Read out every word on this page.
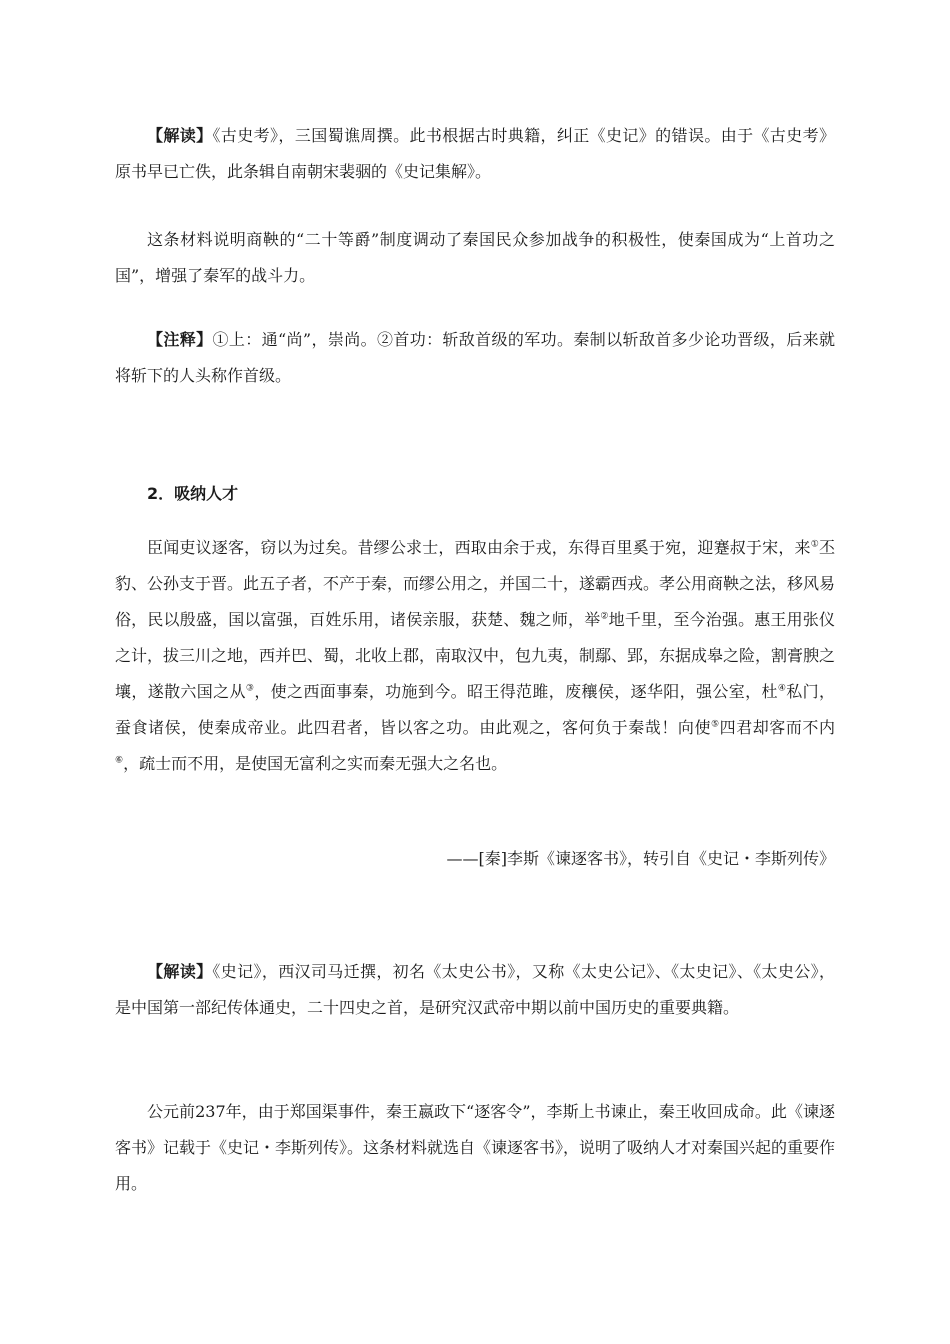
【解读】《古史考》，三国蜀谯周撰。此书根据古时典籍，纠正《史记》的错误。由于《古史考》原书早已亡佚，此条辑自南朝宋裴骃的《史记集解》。

这条材料说明商鞅的“二十等爵”制度调动了秦国民众参加战争的积极性，使秦国成为“上首功之国”，增强了秦军的战斗力。

【注释】①上：通“尚”，崇尚。②首功：斩敌首级的军功。秦制以斩敌首多少论功晋级，后来就将斩下的人头称作首级。

2．吸纳人才

臣闻吏议逐客，窃以为过矣。昔缪公求士，西取由余于戎，东得百里奚于宛，迎蹇叔于宋，来①丕豹、公孙支于晋。此五子者，不产于秦，而缪公用之，并国二十，遂霸西戎。孝公用商鞅之法，移风易俗，民以殷盛，国以富强，百姓乐用，诸侯亲服，获楚、魏之师，举②地千里，至今治强。惠王用张仪之计，拔三川之地，西并巴、蜀，北收上郡，南取汉中，包九夷，制鄢、郢，东据成皋之险，割膏腴之壤，遂散六国之从③，使之西面事秦，功施到今。昭王得范雎，废穰侯，逐华阳，强公室，杜④私门，蚕食诸侯，使秦成帝业。此四君者，皆以客之功。由此观之，客何负于秦哉！向使⑤四君却客而不内⑥，疏士而不用，是使国无富利之实而秦无强大之名也。

——[秦]李斯《谏逐客书》，转引自《史记・李斯列传》

【解读】《史记》，西汉司马迁撰，初名《太史公书》，又称《太史公记》、《太史记》、《太史公》，是中国第一部纪传体通史，二十四史之首，是研究汉武帝中期以前中国历史的重要典籍。

公元前237年，由于郑国渠事件，秦王嬴政下“逐客令”，李斯上书谏止，秦王收回成命。此《谏逐客书》记载于《史记・李斯列传》。这条材料就选自《谏逐客书》，说明了吸纳人才对秦国兴起的重要作用。
